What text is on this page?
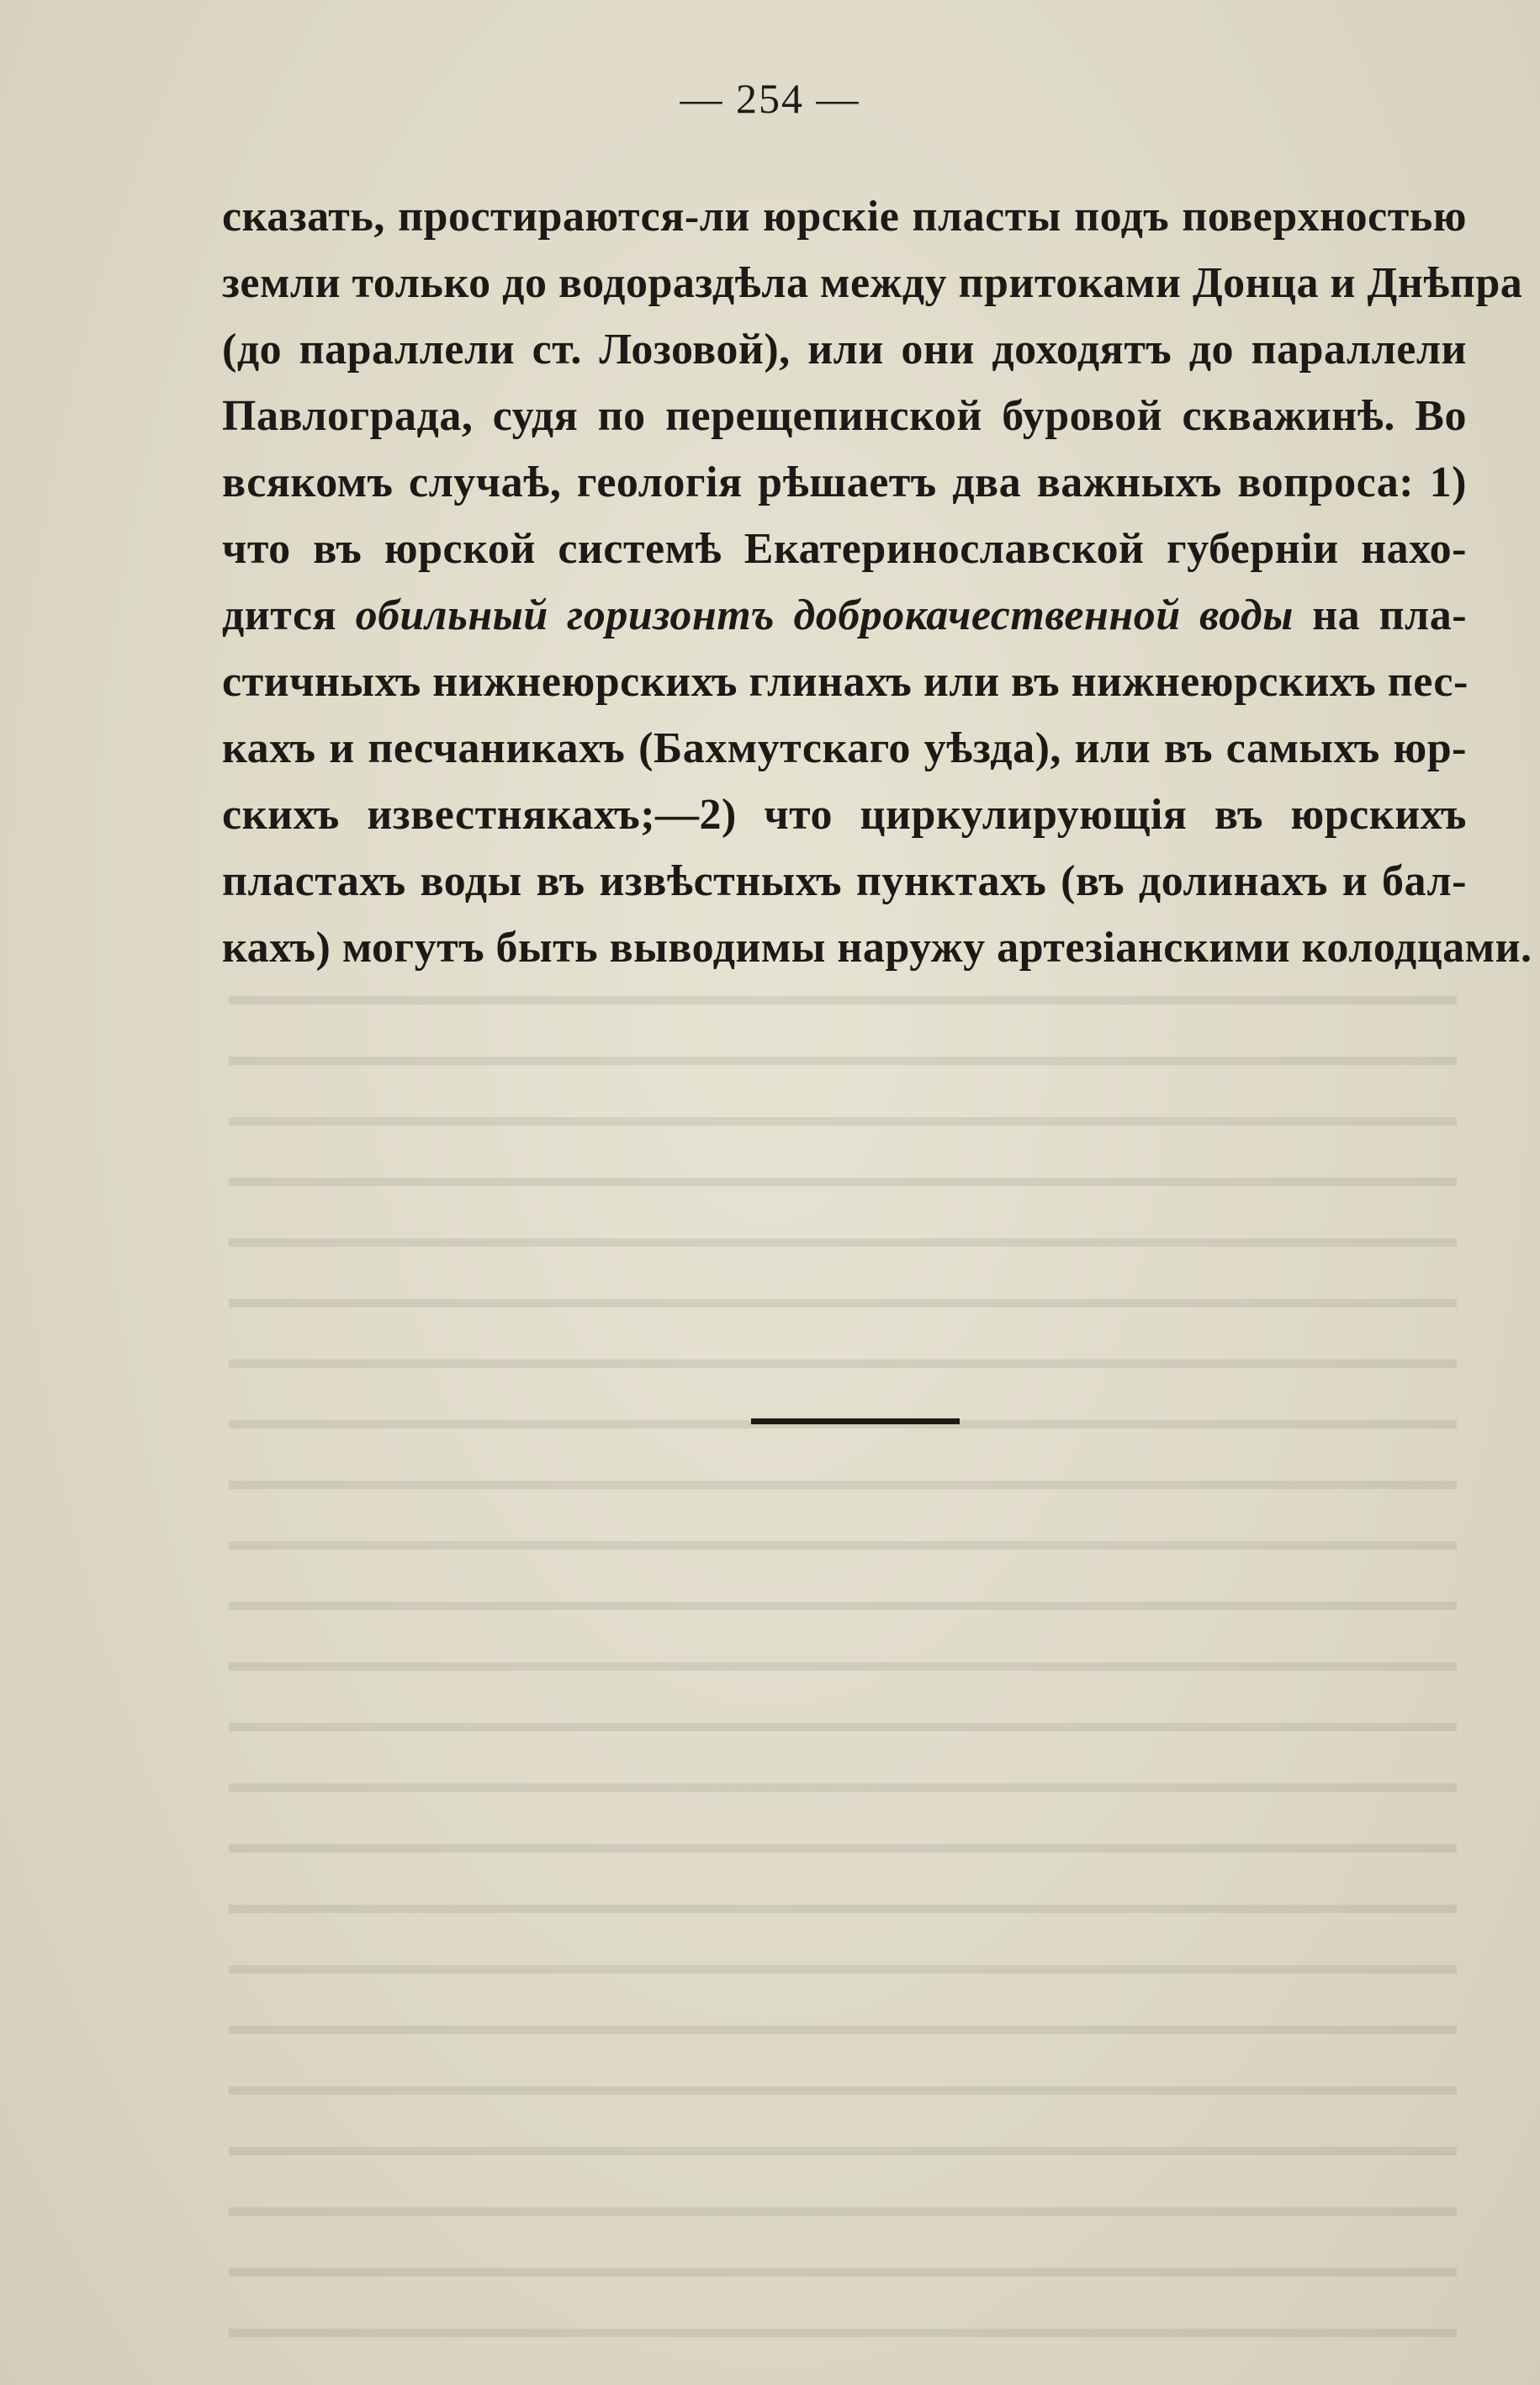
— 254 —
сказать, простираются-ли юрскіе пласты подъ поверхностью
земли только до водораздѣла между притоками Донца и Днѣпра
(до параллели ст. Лозовой), или они доходятъ до параллели
Павлограда, судя по перещепинской буровой скважинѣ. Во
всякомъ случаѣ, геологія рѣшаетъ два важныхъ вопроса: 1)
что въ юрской системѣ Екатеринославской губерніи нахо-
дится обильный горизонтъ доброкачественной воды на пла-
стичныхъ нижнеюрскихъ глинахъ или въ нижнеюрскихъ пес-
кахъ и песчаникахъ (Бахмутскаго уѣзда), или въ самыхъ юр-
скихъ известнякахъ;—2) что циркулирующія въ юрскихъ
пластахъ воды въ извѣстныхъ пунктахъ (въ долинахъ и бал-
кахъ) могутъ быть выводимы наружу артезіанскими колодцами.
